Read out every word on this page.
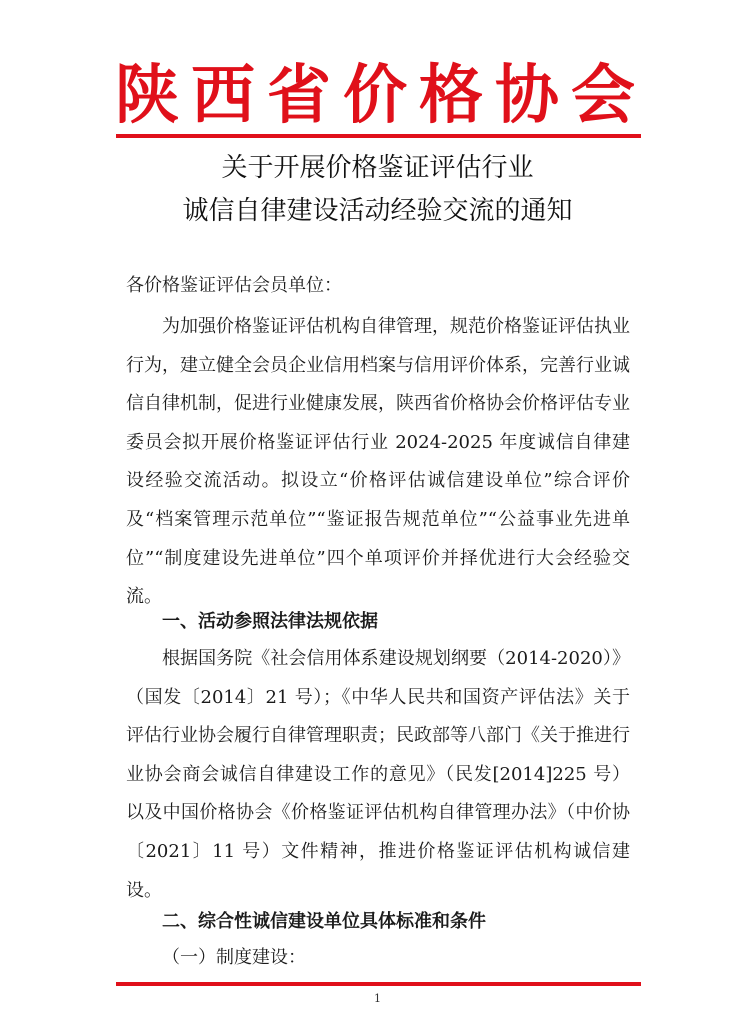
陕西省价格协会
关于开展价格鉴证评估行业
诚信自律建设活动经验交流的通知
各价格鉴证评估会员单位：
为加强价格鉴证评估机构自律管理，规范价格鉴证评估执业行为，建立健全会员企业信用档案与信用评价体系，完善行业诚信自律机制，促进行业健康发展，陕西省价格协会价格评估专业委员会拟开展价格鉴证评估行业 2024-2025 年度诚信自律建设经验交流活动。拟设立“价格评估诚信建设单位”综合评价及“档案管理示范单位”“鉴证报告规范单位”“公益事业先进单位”“制度建设先进单位”四个单项评价并择优进行大会经验交流。
一、活动参照法律法规依据
根据国务院《社会信用体系建设规划纲要（2014-2020）》（国发〔2014〕21 号）；《中华人民共和国资产评估法》关于评估行业协会履行自律管理职责；民政部等八部门《关于推进行业协会商会诚信自律建设工作的意见》（民发[2014]225 号）以及中国价格协会《价格鉴证评估机构自律管理办法》（中价协〔2021〕11 号）文件精神，推进价格鉴证评估机构诚信建设。
二、综合性诚信建设单位具体标准和条件
（一）制度建设：
1
